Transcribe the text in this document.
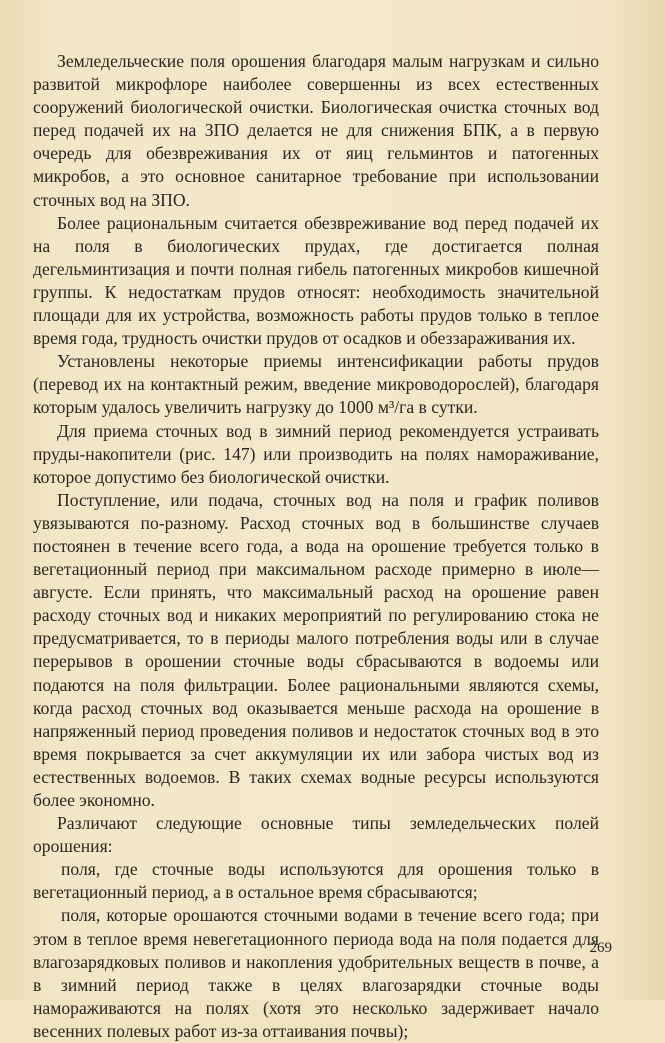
Земледельческие поля орошения благодаря малым нагрузкам и сильно развитой микрофлоре наиболее совершенны из всех естественных сооружений биологической очистки. Биологическая очистка сточных вод перед подачей их на ЗПО делается не для снижения БПК, а в первую очередь для обезвреживания их от яиц гельминтов и патогенных микробов, а это основное санитарное требование при использовании сточных вод на ЗПО.

Более рациональным считается обезвреживание вод перед подачей их на поля в биологических прудах, где достигается полная дегельминтизация и почти полная гибель патогенных микробов кишечной группы. К недостаткам прудов относят: необходимость значительной площади для их устройства, возможность работы прудов только в теплое время года, трудность очистки прудов от осадков и обеззараживания их.

Установлены некоторые приемы интенсификации работы прудов (перевод их на контактный режим, введение микроводорослей), благодаря которым удалось увеличить нагрузку до 1000 м³/га в сутки.

Для приема сточных вод в зимний период рекомендуется устраивать пруды-накопители (рис. 147) или производить на полях намораживание, которое допустимо без биологической очистки.

Поступление, или подача, сточных вод на поля и график поливов увязываются по-разному. Расход сточных вод в большинстве случаев постоянен в течение всего года, а вода на орошение требуется только в вегетационный период при максимальном расходе примерно в июле—августе. Если принять, что максимальный расход на орошение равен расходу сточных вод и никаких мероприятий по регулированию стока не предусматривается, то в периоды малого потребления воды или в случае перерывов в орошении сточные воды сбрасываются в водоемы или подаются на поля фильтрации. Более рациональными являются схемы, когда расход сточных вод оказывается меньше расхода на орошение в напряженный период проведения поливов и недостаток сточных вод в это время покрывается за счет аккумуляции их или забора чистых вод из естественных водоемов. В таких схемах водные ресурсы используются более экономно.

Различают следующие основные типы земледельческих полей орошения:

поля, где сточные воды используются для орошения только в вегетационный период, а в остальное время сбрасываются;

поля, которые орошаются сточными водами в течение всего года; при этом в теплое время невегетационного периода вода на поля подается для влагозарядковых поливов и накопления удобрительных веществ в почве, а в зимний период также в целях влагозарядки сточные воды намораживаются на полях (хотя это несколько задерживает начало весенних полевых работ из-за оттаивания почвы);

269
